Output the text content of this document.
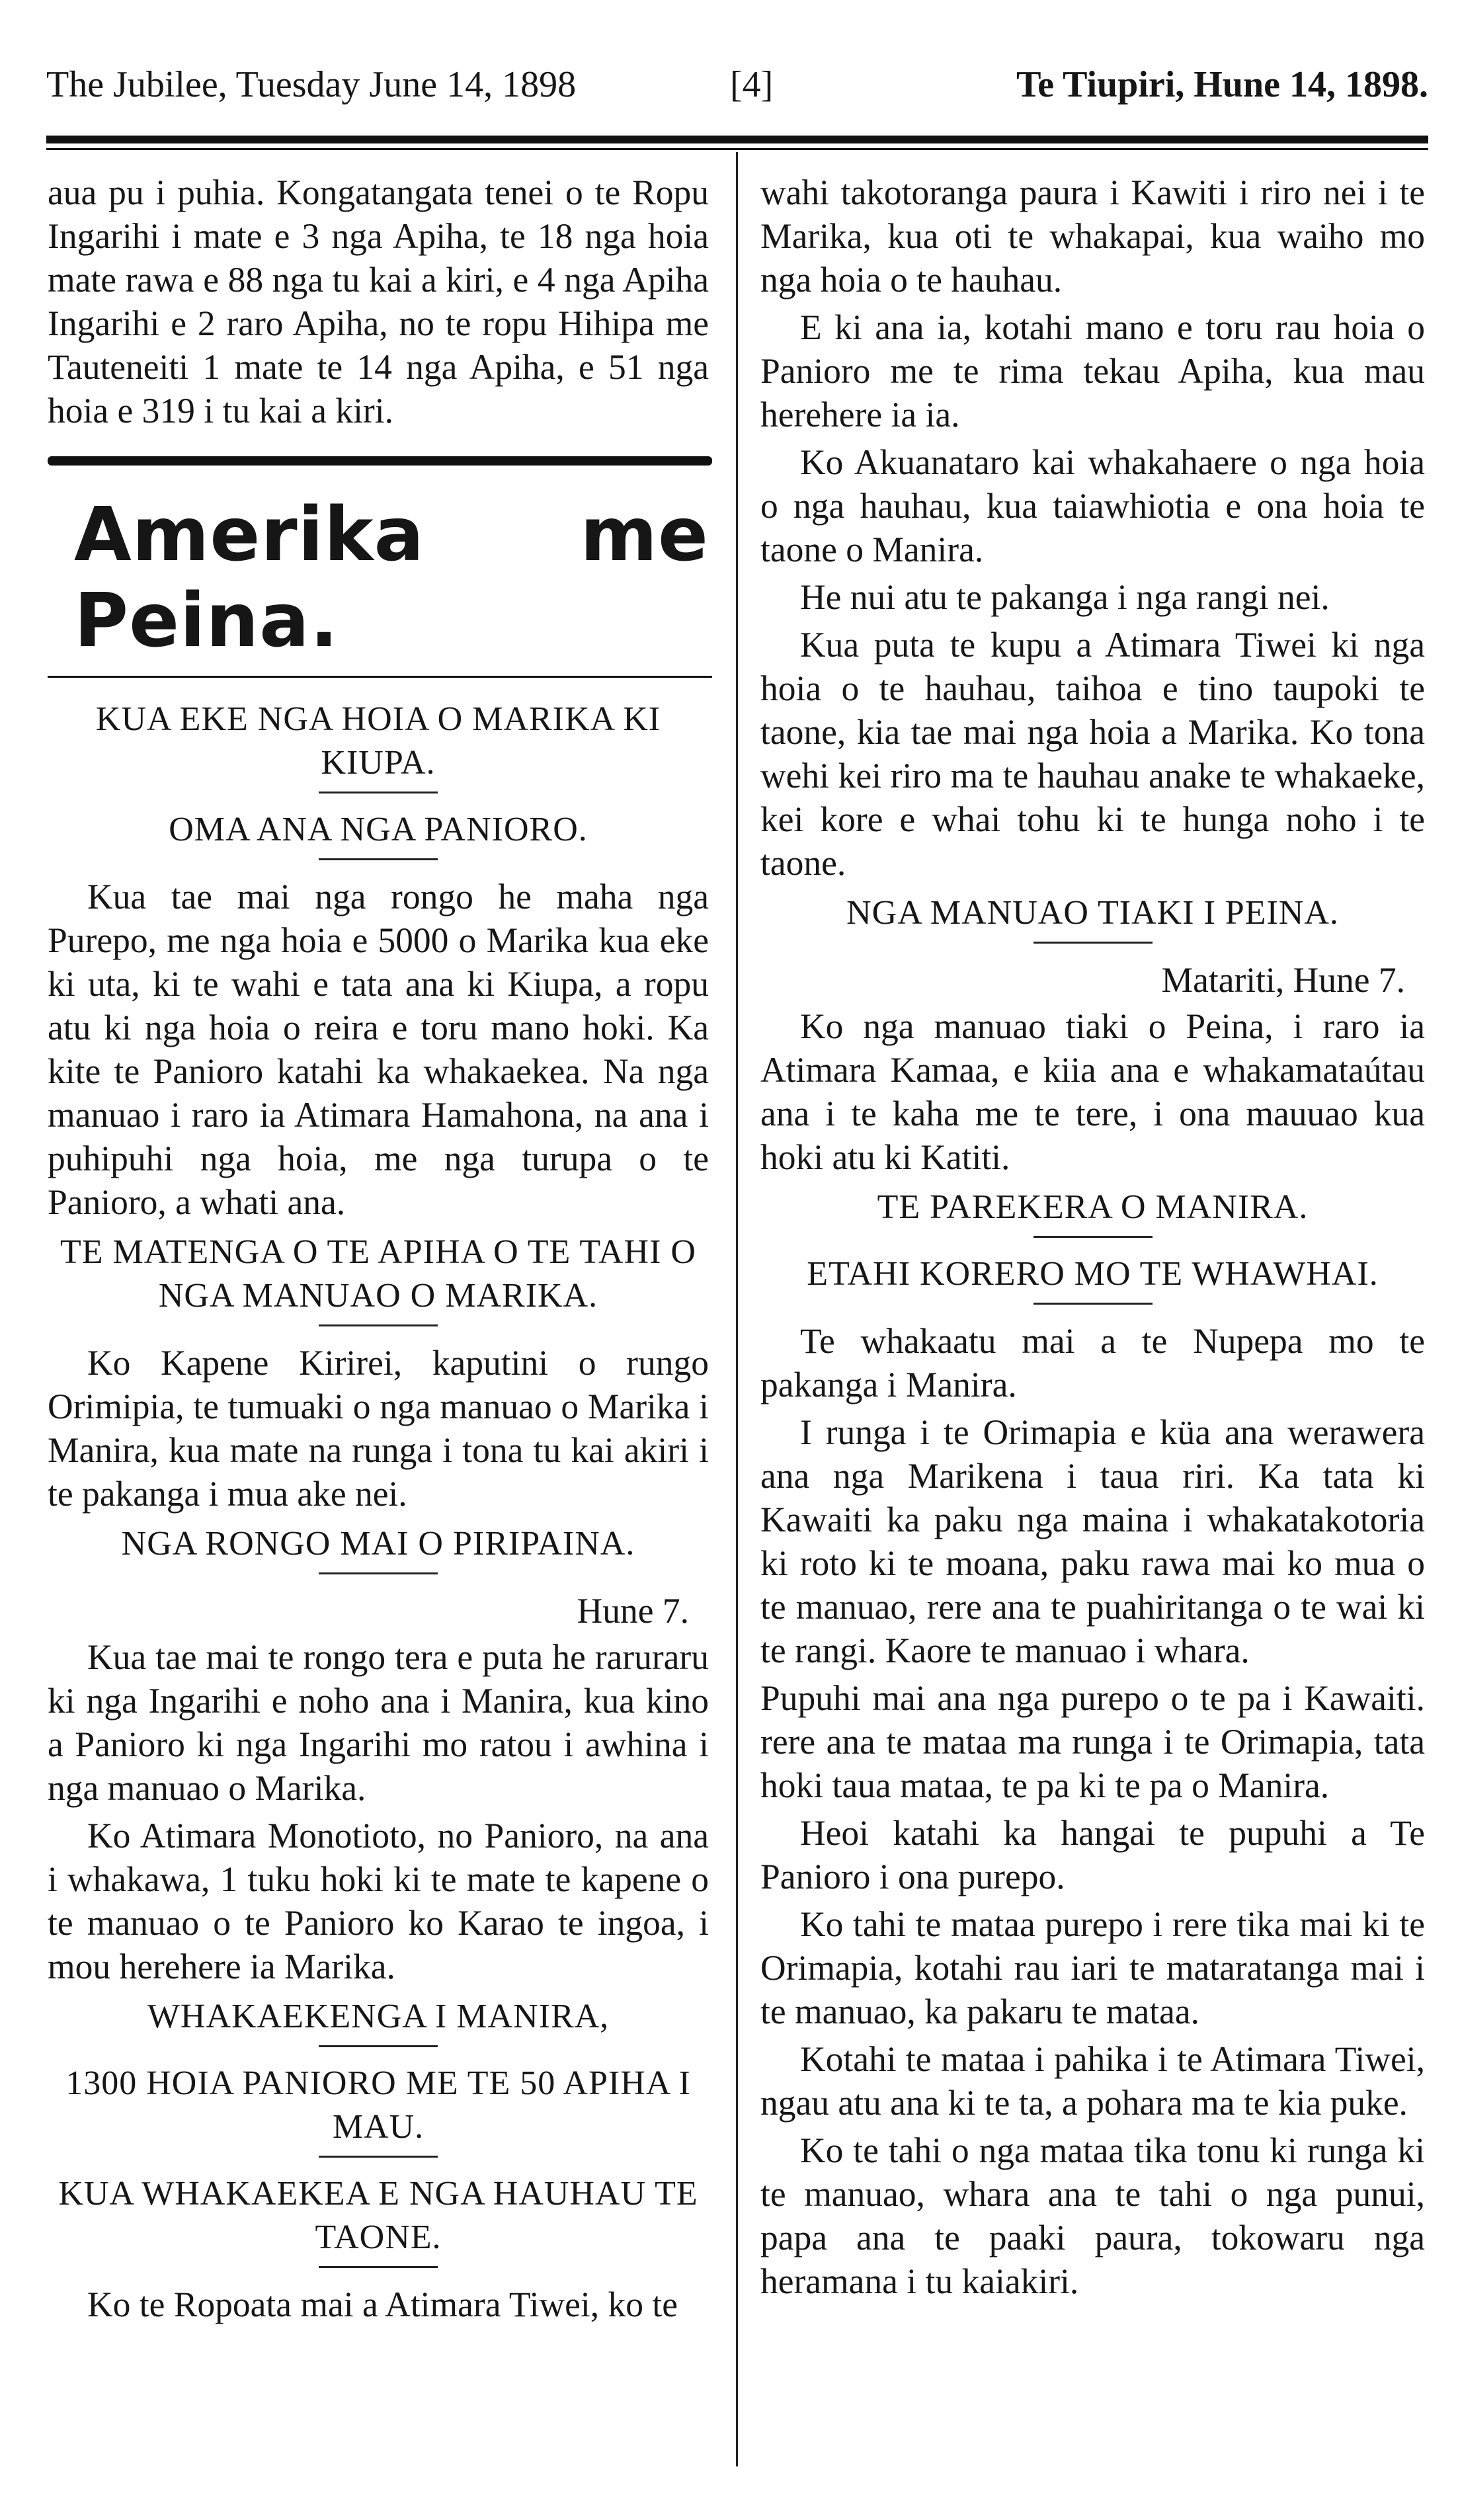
The Jubilee, Tuesday June 14, 1898	[4]	Te Tiupiri, Hune 14, 1898.

aua pu i puhia. Kongatangata tenei o te Ropu Ingarihi i mate e 3 nga Apiha, te 18 nga hoia mate rawa e 88 nga tu kai a kiri, e 4 nga Apiha Ingarihi e 2 raro Apiha, no te ropu Hihipa me Tauteneiti 1 mate te 14 nga Apiha, e 51 nga hoia e 319 i tu kai a kiri.

Amerika me Peina.
KUA EKE NGA HOIA O MARIKA KI KIUPA.
OMA ANA NGA PANIORO.

Kua tae mai nga rongo he maha nga Purepo, me nga hoia e 5000 o Marika kua eke ki uta, ki te wahi e tata ana ki Kiupa, a ropu atu ki nga hoia o reira e toru mano hoki. Ka kite te Panioro katahi ka whakaekea. Na nga manuao i raro ia Atimara Hamahona, na ana i puhipuhi nga hoia, me nga turupa o te Panioro, a whati ana.

TE MATENGA O TE APIHA O TE TAHI O NGA MANUAO O MARIKA.

Ko Kapene Kirirei, kaputini o rungo Orimipia, te tumuaki o nga manuao o Marika i Manira, kua mate na runga i tona tu kai akiri i te pakanga i mua ake nei.

NGA RONGO MAI O PIRIPAINA.
Hune 7.

Kua tae mai te rongo tera e puta he raruraru ki nga Ingarihi e noho ana i Manira, kua kino a Panioro ki nga Ingarihi mo ratou i awhina i nga manuao o Marika.

Ko Atimara Monotioto, no Panioro, na ana i whakawa, 1 tuku hoki ki te mate te kapene o te manuao o te Panioro ko Karao te ingoa, i mou herehere ia Marika.

WHAKAEKENGA I MANIRA,
1300 HOIA PANIORO ME TE 50 APIHA I MAU.
KUA WHAKAEKEA E NGA HAUHAU TE TAONE.

Ko te Ropoata mai a Atimara Tiwei, ko te

wahi takotoranga paura i Kawiti i riro nei i te Marika, kua oti te whakapai, kua waiho mo nga hoia o te hauhau.

E ki ana ia, kotahi mano e toru rau hoia o Panioro me te rima tekau Apiha, kua mau herehere ia ia.

Ko Akuanataro kai whakahaere o nga hoia o nga hauhau, kua taiawhiotia e ona hoia te taone o Manira.

He nui atu te pakanga i nga rangi nei.

Kua puta te kupu a Atimara Tiwei ki nga hoia o te hauhau, taihoa e tino taupoki te taone, kia tae mai nga hoia a Marika. Ko tona wehi kei riro ma te hauhau anake te whakaeke, kei kore e whai tohu ki te hunga noho i te taone.

NGA MANUAO TIAKI I PEINA.
Matariti, Hune 7.

Ko nga manuao tiaki o Peina, i raro ia Atimara Kamaa, e kiia ana e whakamataútau ana i te kaha me te tere, i ona mauuao kua hoki atu ki Katiti.

TE PAREKERA O MANIRA.
ETAHI KORERO MO TE WHAWHAI.

Te whakaatu mai a te Nupepa mo te pakanga i Manira.

I runga i te Orimapia e küa ana werawera ana nga Marikena i taua riri. Ka tata ki Kawaiti ka paku nga maina i whakatakotoria ki roto ki te moana, paku rawa mai ko mua o te manuao, rere ana te puahiritanga o te wai ki te rangi. Kaore te manuao i whara.

Pupuhi mai ana nga purepo o te pa i Kawaiti. rere ana te mataa ma runga i te Orimapia, tata hoki taua mataa, te pa ki te pa o Manira.

Heoi katahi ka hangai te pupuhi a Te Panioro i ona purepo.

Ko tahi te mataa purepo i rere tika mai ki te Orimapia, kotahi rau iari te mataratanga mai i te manuao, ka pakaru te mataa.

Kotahi te mataa i pahika i te Atimara Tiwei, ngau atu ana ki te ta, a pohara ma te kia puke.

Ko te tahi o nga mataa tika tonu ki runga ki te manuao, whara ana te tahi o nga punui, papa ana te paaki paura, tokowaru nga heramana i tu kaiakiri.
